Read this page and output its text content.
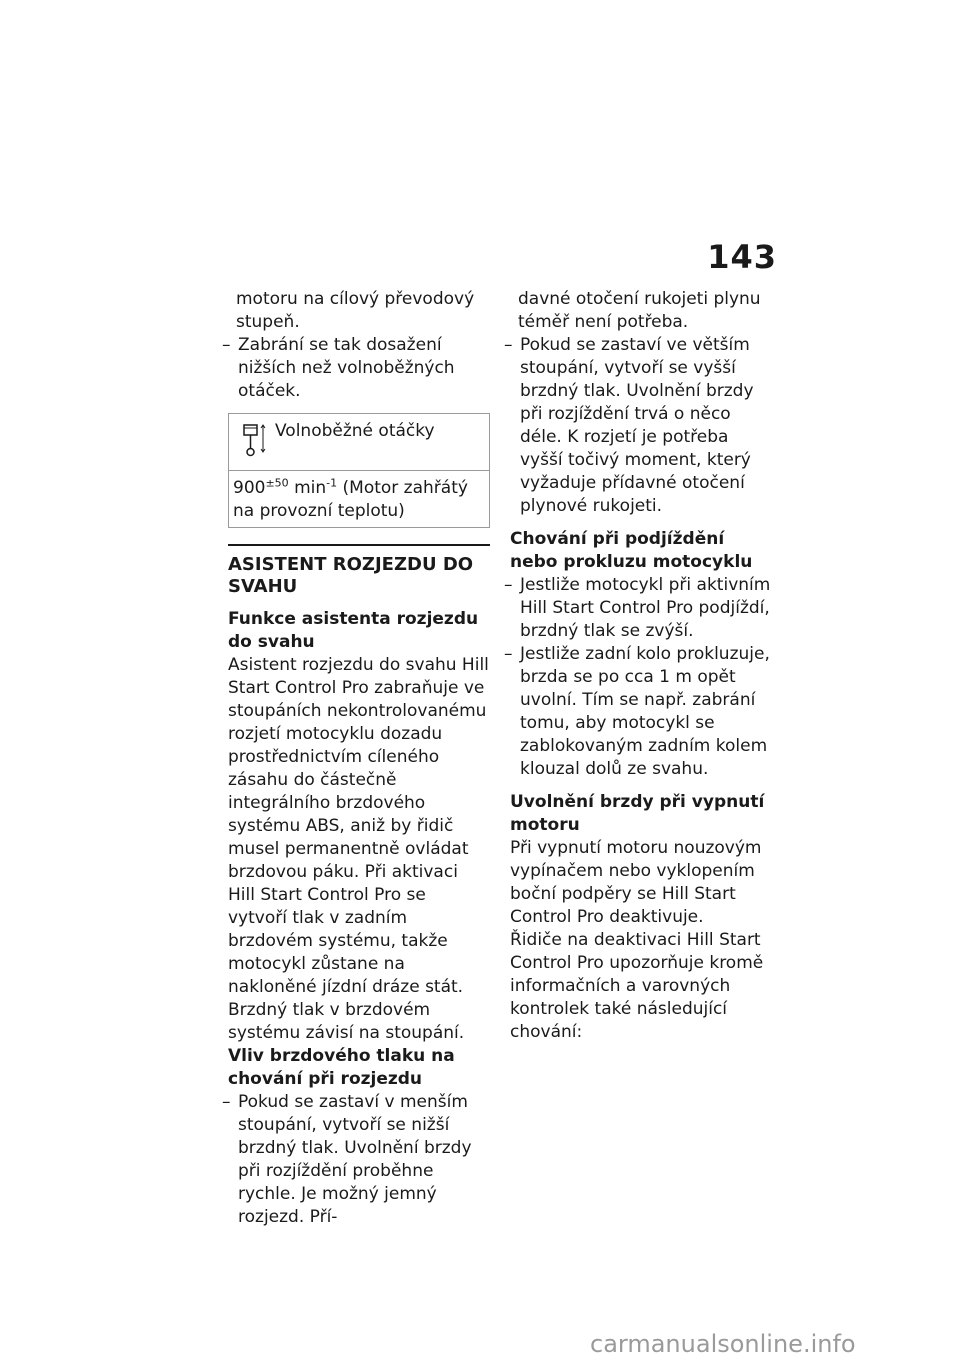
143

motoru na cílový převodový stupeň.

– Zabrání se tak dosažení nižších než volnoběžných otáček.

Volnoběžné otáčky
$900^{\pm 50}$ $\min^{-1}$ (Motor zahřátý na provozní teplotu)

ASISTENT ROZJEZDU DO SVAHU

Funkce asistenta rozjezdu do svahu

Asistent rozjezdu do svahu Hill Start Control Pro zabraňuje ve stoupáních nekontrolovanému rozjetí motocyklu dozadu prostřednictvím cíleného zásahu do částečně integrálního brzdového systému ABS, aniž by řidič musel permanentně ovládat brzdovou páku. Při aktivaci Hill Start Control Pro se vytvoří tlak v zadním brzdovém systému, takže motocykl zůstane na nakloněné jízdní dráze stát.

Brzdný tlak v brzdovém systému závisí na stoupání.

Vliv brzdového tlaku na chování při rozjezdu

– Pokud se zastaví v menším stoupání, vytvoří se nižší brzdný tlak. Uvolnění brzdy při rozjíždění proběhne rychle. Je možný jemný rozjezd. Pří-

davné otočení rukojeti plynu téměř není potřeba.

– Pokud se zastaví ve větším stoupání, vytvoří se vyšší brzdný tlak. Uvolnění brzdy při rozjíždění trvá o něco déle. K rozjetí je potřeba vyšší točivý moment, který vyžaduje přídavné otočení plynové rukojeti.

Chování při podjíždění nebo prokluzu motocyklu

– Jestliže motocykl při aktivním Hill Start Control Pro podjíždí, brzdný tlak se zvýší.

– Jestliže zadní kolo prokluzuje, brzda se po cca 1 m opět uvolní. Tím se např. zabrání tomu, aby motocykl se zablokovaným zadním kolem klouzal dolů ze svahu.

Uvolnění brzdy při vypnutí motoru

Při vypnutí motoru nouzovým vypínačem nebo vyklopením boční podpěry se Hill Start Control Pro deaktivuje.

Řidiče na deaktivaci Hill Start Control Pro upozorňuje kromě informačních a varovných kontrolek také následující chování:

carmanualsonline.info
